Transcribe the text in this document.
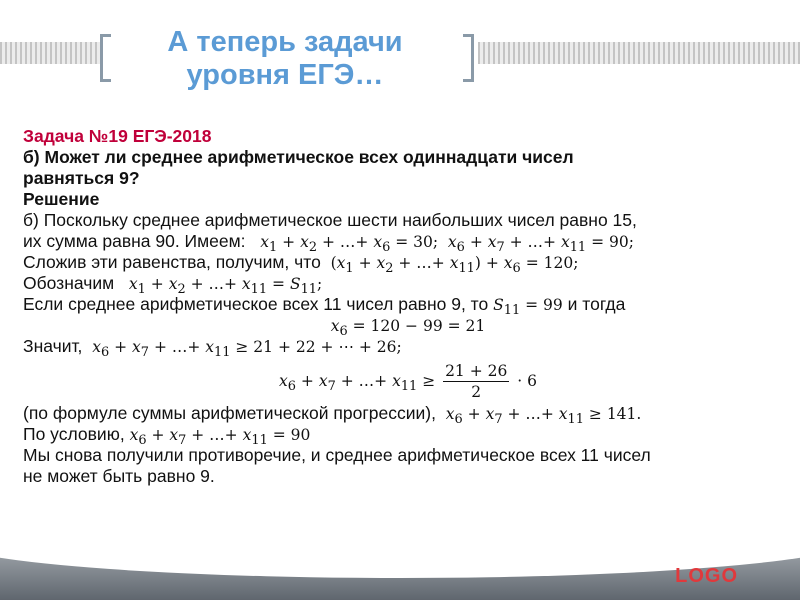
А теперь задачи
уровня ЕГЭ…
Задача №19 ЕГЭ-2018
б) Может ли среднее арифметическое всех одиннадцати чисел
равняться 9?
Решение
б) Поскольку среднее арифметическое шести наибольших чисел равно 15,
их сумма равна 90. Имеем: $x_1 + x_2$ + …+ $x_6 = 30$;  $x_6 + x_7$ + …+ $x_{11} = 90$;
Сложив эти равенства, получим, что  ($x_1 + x_2$ + …+ $x_{11}) + x_6 = 120$;
Обозначим $x_1 + x_2$ + …+ $x_{11} = S_{11}$;
Если среднее арифметическое всех 11 чисел равно 9, то $S_{11} = 99$ и тогда
$x_6 = 120 - 99 = 21$
Значит, $x_6 + x_7$ + …+ $x_{11} \ge 21 + 22$ + ⋯ + 26;
$x_6 + x_7$ + …+ $x_{11} \ge \frac{21 + 26}{2} \cdot 6$
(по формуле суммы арифметической прогрессии), $x_6 + x_7$ + …+ $x_{11} \ge 141$.
По условию, $x_6 + x_7$ + …+ $x_{11} = 90$
Мы снова получили противоречие, и среднее арифметическое всех 11 чисел
не может быть равно 9.
LOGO
